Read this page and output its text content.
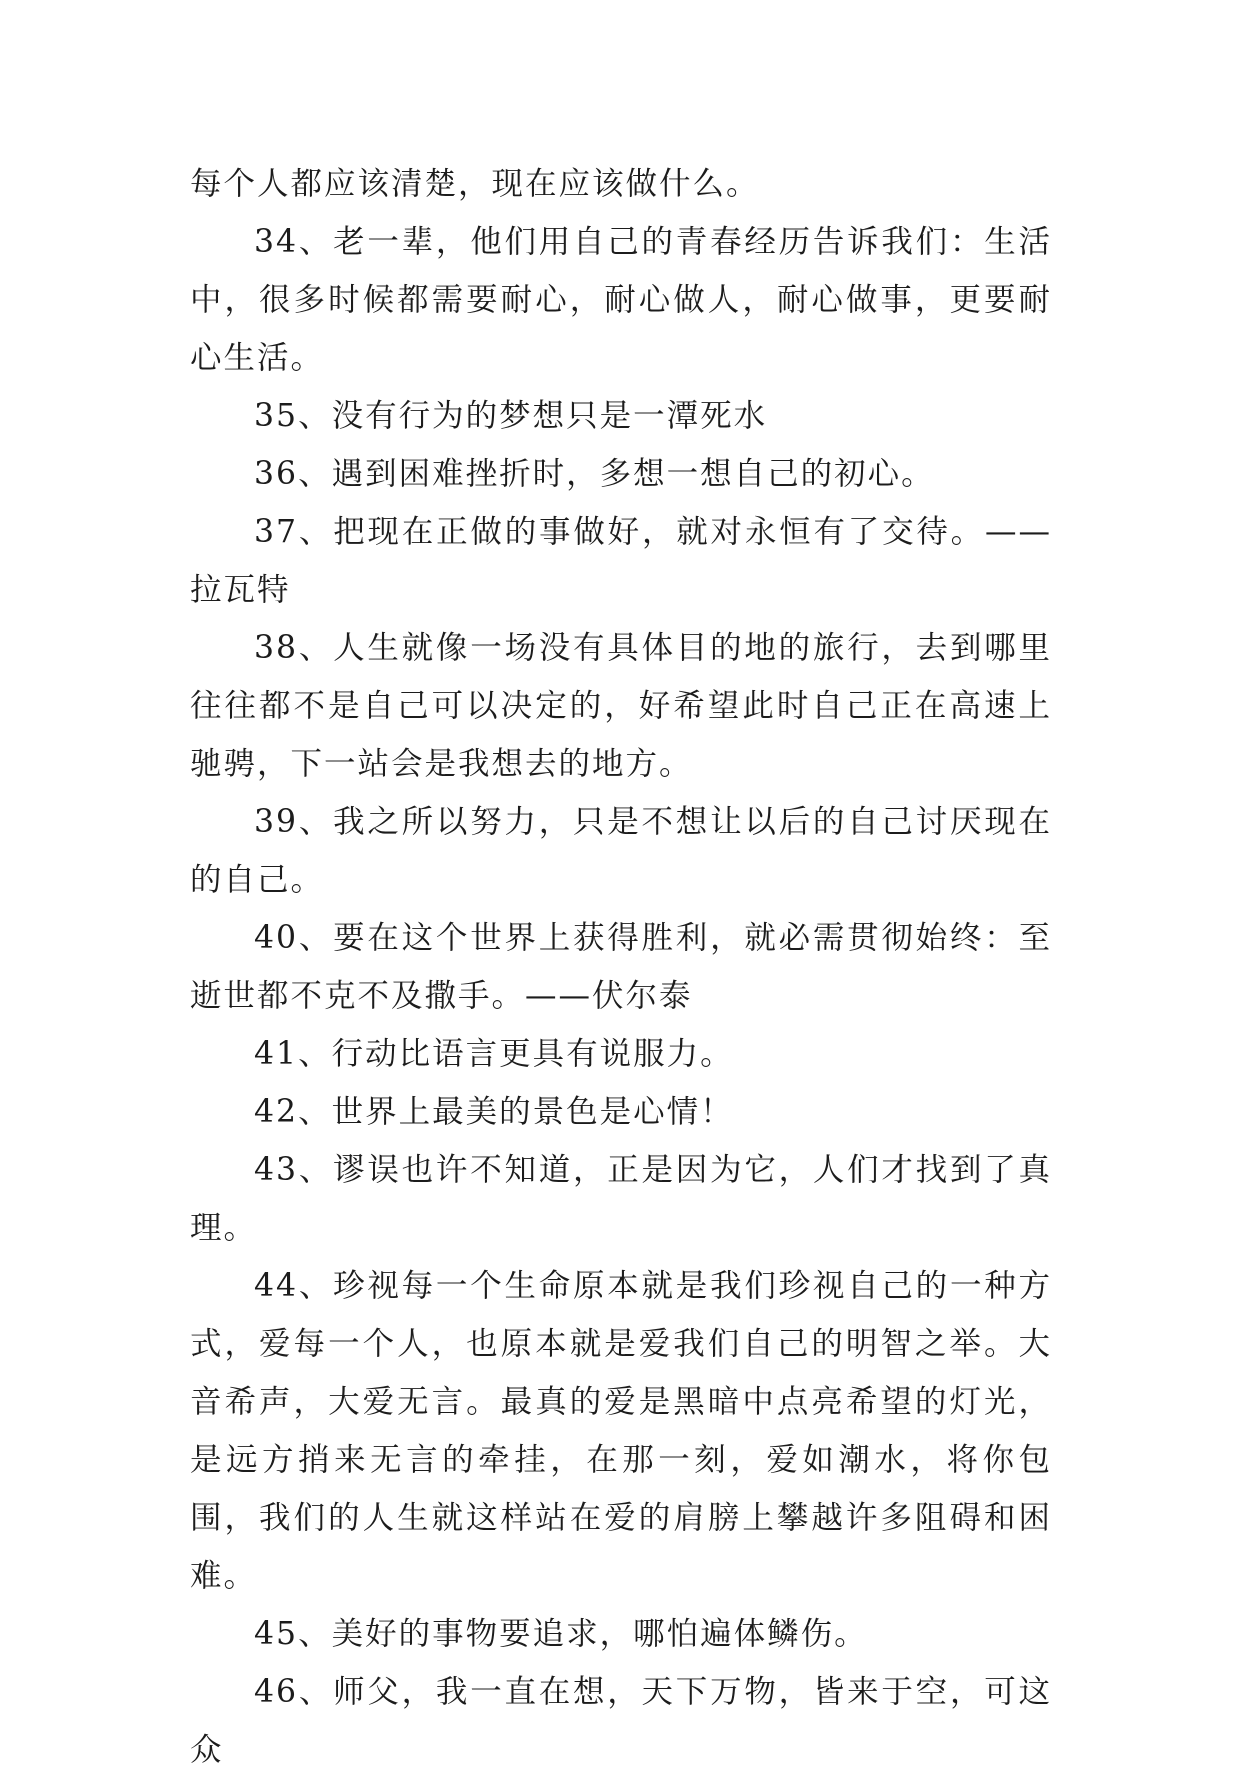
每个人都应该清楚，现在应该做什么。

34、老一辈，他们用自己的青春经历告诉我们：生活中，很多时候都需要耐心，耐心做人，耐心做事，更要耐心生活。

35、没有行为的梦想只是一潭死水

36、遇到困难挫折时，多想一想自己的初心。

37、把现在正做的事做好，就对永恒有了交待。——拉瓦特

38、人生就像一场没有具体目的地的旅行，去到哪里往往都不是自己可以决定的，好希望此时自己正在高速上驰骋，下一站会是我想去的地方。

39、我之所以努力，只是不想让以后的自己讨厌现在的自己。

40、要在这个世界上获得胜利，就必需贯彻始终：至逝世都不克不及撒手。——伏尔泰

41、行动比语言更具有说服力。

42、世界上最美的景色是心情！

43、谬误也许不知道，正是因为它，人们才找到了真理。

44、珍视每一个生命原本就是我们珍视自己的一种方式，爱每一个人，也原本就是爱我们自己的明智之举。大音希声，大爱无言。最真的爱是黑暗中点亮希望的灯光，是远方捎来无言的牵挂，在那一刻，爱如潮水，将你包围，我们的人生就这样站在爱的肩膀上攀越许多阻碍和困难。

45、美好的事物要追求，哪怕遍体鳞伤。

46、师父，我一直在想，天下万物，皆来于空，可这众
